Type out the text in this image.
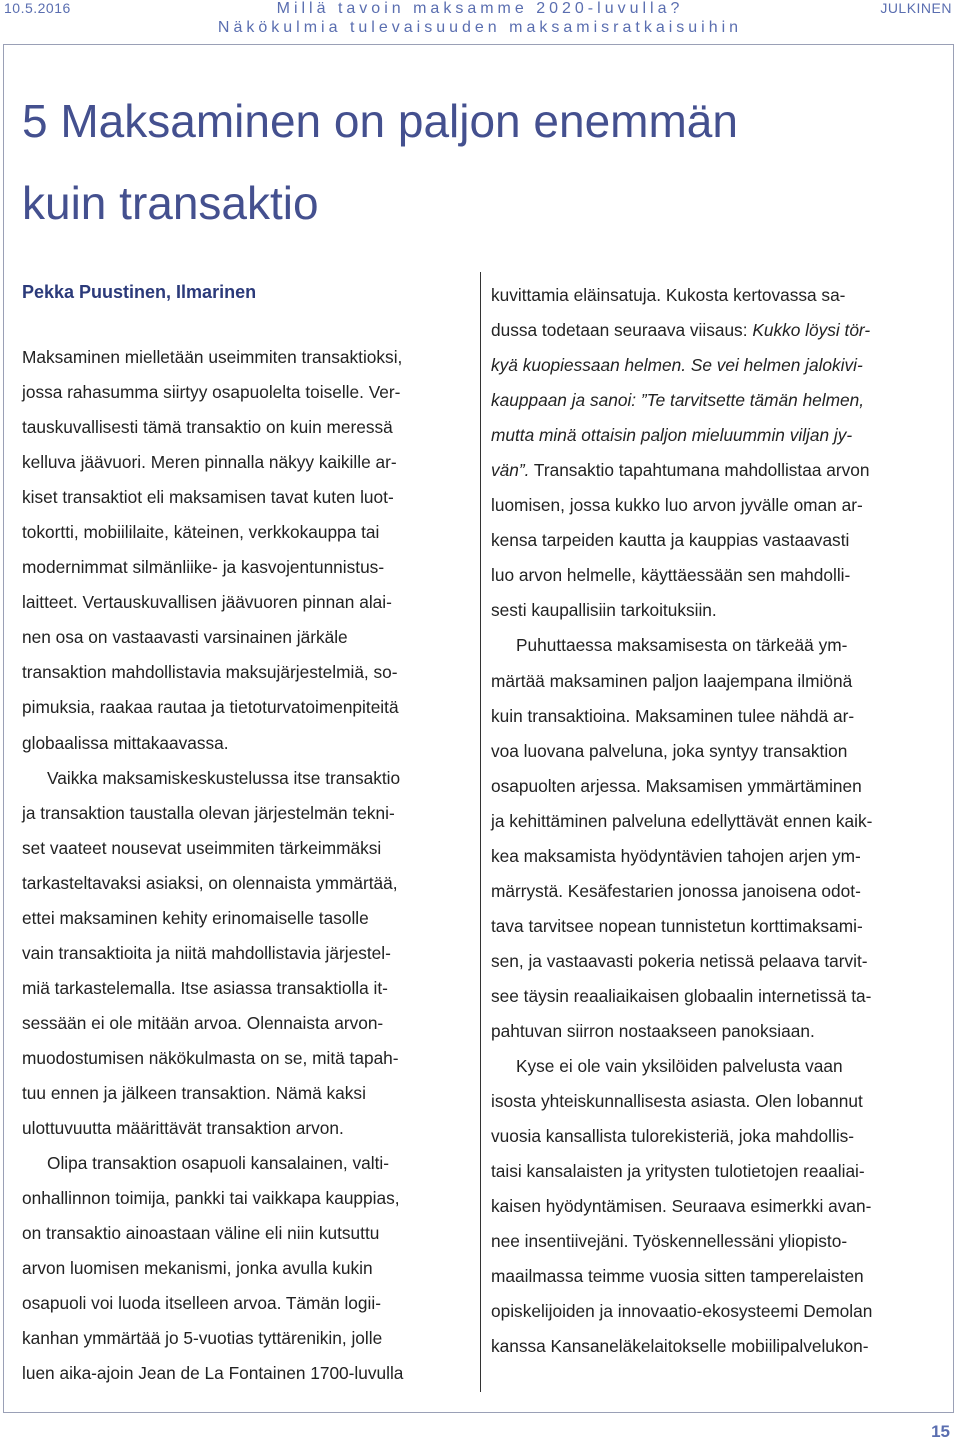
10.5.2016	Millä tavoin maksamme 2020-luvulla?
Näkökulmia tulevaisuuden maksamisratkaisuihin
JULKINEN
5 Maksaminen on paljon enemmän
kuin transaktio
Pekka Puustinen, Ilmarinen
Maksaminen mielletään useimmiten transaktioksi,
jossa rahasumma siirtyy osapuolelta toiselle. Ver-
tauskuvallisesti tämä transaktio on kuin meressä
kelluva jäävuori. Meren pinnalla näkyy kaikille ar-
kiset transaktiot eli maksamisen tavat kuten luot-
tokortti, mobiililaite, käteinen, verkkokauppa tai
modernimmat silmänliike- ja kasvojentunnistus-
laitteet. Vertauskuvallisen jäävuoren pinnan alai-
nen osa on vastaavasti varsinainen järkäle
transaktion mahdollistavia maksujärjestelmiä, so-
pimuksia, raakaa rautaa ja tietoturvatoimenpiteitä
globaalissa mittakaavassa.
Vaikka maksamiskeskustelussa itse transaktio
ja transaktion taustalla olevan järjestelmän tekni-
set vaateet nousevat useimmiten tärkeimmäksi
tarkasteltavaksi asiaksi, on olennaista ymmärtää,
ettei maksaminen kehity erinomaiselle tasolle
vain transaktioita ja niitä mahdollistavia järjestel-
miä tarkastelemalla. Itse asiassa transaktiolla it-
sessään ei ole mitään arvoa. Olennaista arvon-
muodostumisen näkökulmasta on se, mitä tapah-
tuu ennen ja jälkeen transaktion. Nämä kaksi
ulottuvuutta määrittävät transaktion arvon.
Olipa transaktion osapuoli kansalainen, valti-
onhallinnon toimija, pankki tai vaikkapa kauppias,
on transaktio ainoastaan väline eli niin kutsuttu
arvon luomisen mekanismi, jonka avulla kukin
osapuoli voi luoda itselleen arvoa. Tämän logii-
kanhan ymmärtää jo 5-vuotias tyttärenikin, jolle
luen aika-ajoin Jean de La Fontainen 1700-luvulla
kuvittamia eläinsatuja. Kukosta kertovassa sa-
dussa todetaan seuraava viisaus: Kukko löysi tör-
kyä kuopiessaan helmen. Se vei helmen jalokivi-
kauppaan ja sanoi: ”Te tarvitsette tämän helmen,
mutta minä ottaisin paljon mieluummin viljan jy-
vän”. Transaktio tapahtumana mahdollistaa arvon
luomisen, jossa kukko luo arvon jyvälle oman ar-
kensa tarpeiden kautta ja kauppias vastaavasti
luo arvon helmelle, käyttäessään sen mahdolli-
sesti kaupallisiin tarkoituksiin.
Puhuttaessa maksamisesta on tärkeää ym-
märtää maksaminen paljon laajempana ilmiönä
kuin transaktioina. Maksaminen tulee nähdä ar-
voa luovana palveluna, joka syntyy transaktion
osapuolten arjessa. Maksamisen ymmärtäminen
ja kehittäminen palveluna edellyttävät ennen kaik-
kea maksamista hyödyntävien tahojen arjen ym-
märrystä. Kesäfestarien jonossa janoisena odot-
tava tarvitsee nopean tunnistetun korttimaksami-
sen, ja vastaavasti pokeria netissä pelaava tarvit-
see täysin reaaliaikaisen globaalin internetissä ta-
pahtuvan siirron nostaakseen panoksiaan.
Kyse ei ole vain yksilöiden palvelusta vaan
isosta yhteiskunnallisesta asiasta. Olen lobannut
vuosia kansallista tulorekisteriä, joka mahdollis-
taisi kansalaisten ja yritysten tulotietojen reaaliai-
kaisen hyödyntämisen. Seuraava esimerkki avan-
nee insentiivejäni. Työskennellessäni yliopisto-
maailmassa teimme vuosia sitten tamperelaisten
opiskelijoiden ja innovaatio-ekosysteemi Demolan
kanssa Kansaneläkelaitokselle mobiilipalvelukon-
15
